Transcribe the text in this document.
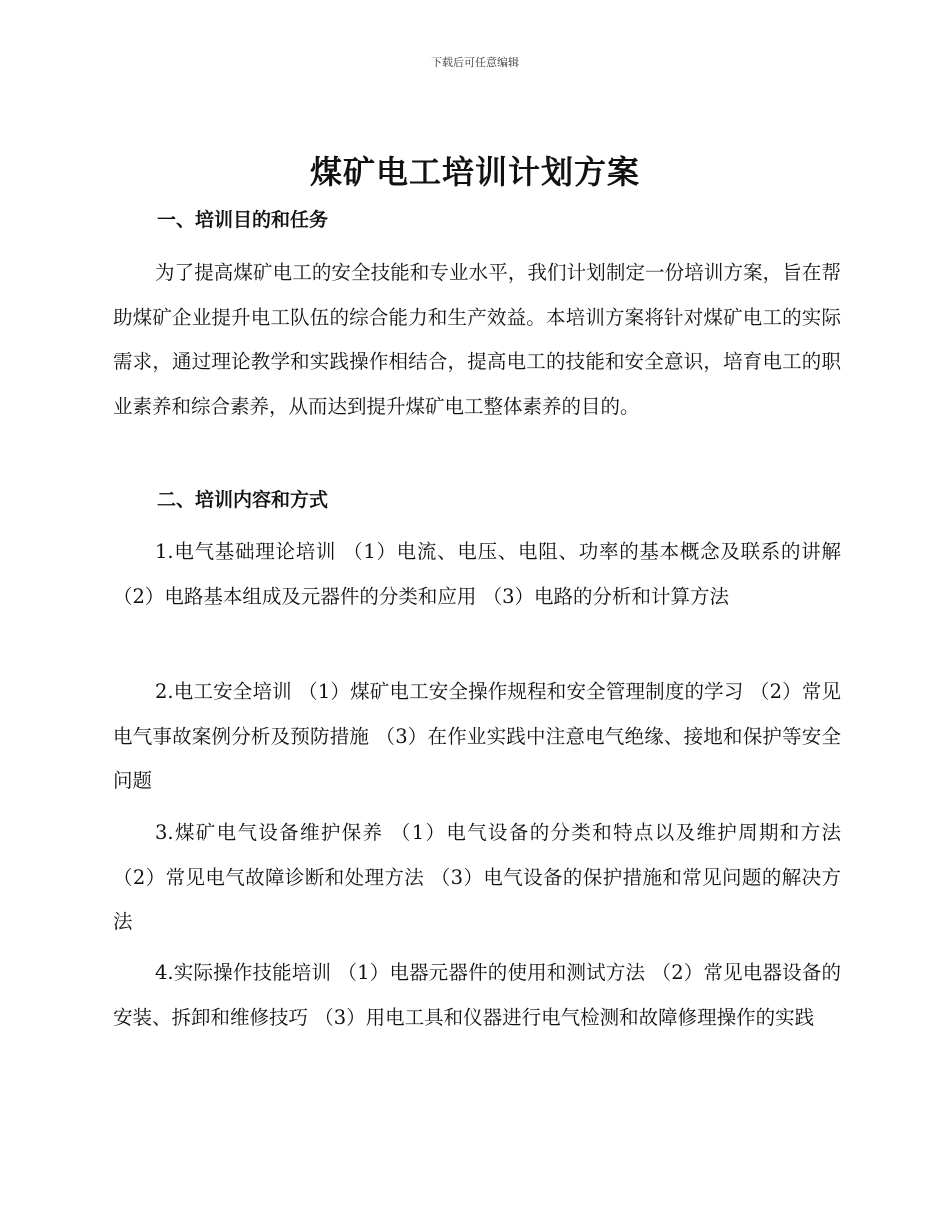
下载后可任意编辑
煤矿电工培训计划方案
一、培训目的和任务

为了提高煤矿电工的安全技能和专业水平，我们计划制定一份培训方案，旨在帮助煤矿企业提升电工队伍的综合能力和生产效益。本培训方案将针对煤矿电工的实际需求，通过理论教学和实践操作相结合，提高电工的技能和安全意识，培育电工的职业素养和综合素养，从而达到提升煤矿电工整体素养的目的。

二、培训内容和方式

1.电气基础理论培训 （1）电流、电压、电阻、功率的基本概念及联系的讲解 （2）电路基本组成及元器件的分类和应用 （3）电路的分析和计算方法

2.电工安全培训 （1）煤矿电工安全操作规程和安全管理制度的学习 （2）常见电气事故案例分析及预防措施 （3）在作业实践中注意电气绝缘、接地和保护等安全问题

3.煤矿电气设备维护保养 （1）电气设备的分类和特点以及维护周期和方法 （2）常见电气故障诊断和处理方法 （3）电气设备的保护措施和常见问题的解决方法

4.实际操作技能培训 （1）电器元器件的使用和测试方法 （2）常见电器设备的安装、拆卸和维修技巧 （3）用电工具和仪器进行电气检测和故障修理操作的实践
